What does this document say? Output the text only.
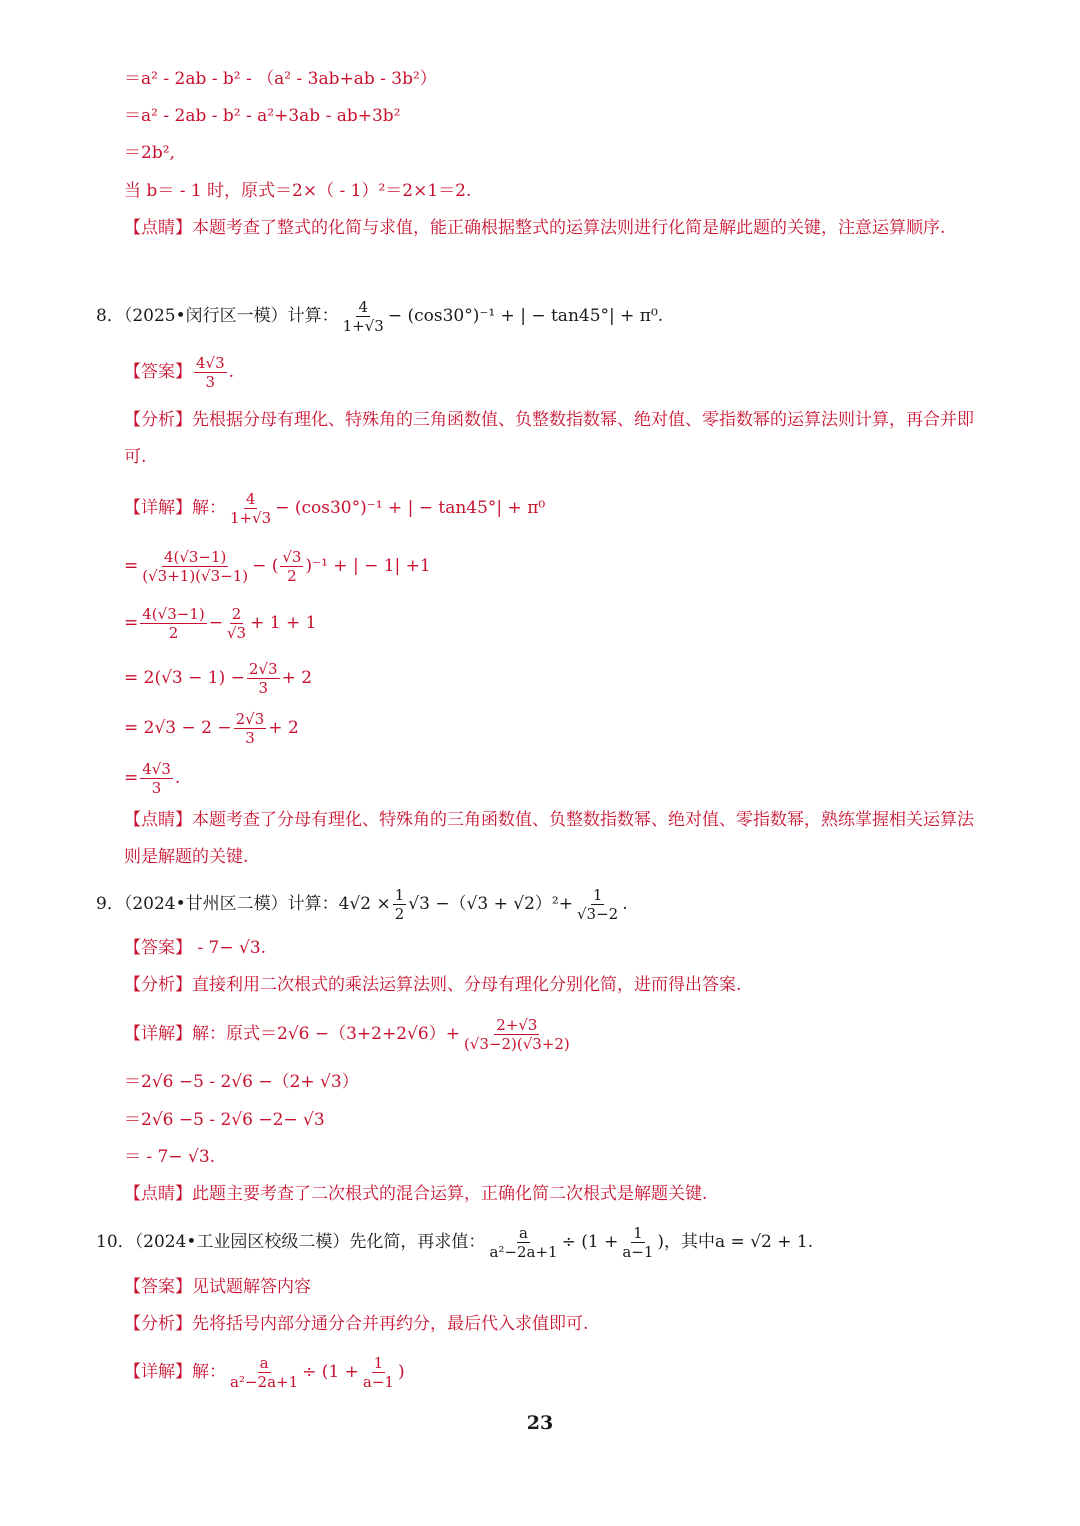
＝a² - 2ab - b² - （a² - 3ab+ab - 3b²）
＝a² - 2ab - b² - a²+3ab - ab+3b²
＝2b²,
当 b＝ - 1 时，原式＝2×（ - 1）²＝2×1＝2.
【点睛】本题考查了整式的化简与求值，能正确根据整式的运算法则进行化简是解此题的关键，注意运算顺序.
8．（2025•闵行区一模）计算： $\frac{4}{1+√3} - (\cos 30^\circ)^{-1}$ + | − tan45°| + π⁰.
【答案】 $\frac{4√3}{3}$ .
【分析】先根据分母有理化、特殊角的三角函数值、负整数指数幂、绝对值、零指数幂的运算法则计算，再合并即可.
【详解】解： $\frac{4}{1+√3} - (\cos 30^\circ)^{-1}$ + | − tan45°| + π⁰
= $\frac{4(√3-1)}{(√3+1)(√3-1)}$ − ( $\frac{√3}{2} )^{-1}$ + | − 1| +1
= $\frac{4(√3-1)}{2} - \frac{2}{√3} + 1 + 1$
= $2(√3 - 1) - \frac{2√3}{3} + 2$
= $2√3 - 2 - \frac{2√3}{3} + 2$
= $\frac{4√3}{3}$ .
【点睛】本题考查了分母有理化、特殊角的三角函数值、负整数指数幂、绝对值、零指数幂，熟练掌握相关运算法则是解题的关键.
9．（2024•甘州区二模）计算：$4√2 \times \frac{1}{2} √3 -(√3 + √2)^2+ \frac{1}{√3-2}$ .
【答案】 - 7− √3.
【分析】直接利用二次根式的乘法运算法则、分母有理化分别化简，进而得出答案.
【详解】解：原式$=2√6 -(3+2+2√6)+ \frac{2+√3}{(√3-2)(√3+2)}$
＝2√6 −5 - 2√6 −（2+ √3）
＝2√6 −5 - 2√6 −2− √3
＝ - 7− √3.
【点睛】此题主要考查了二次根式的混合运算，正确化简二次根式是解题关键.
10．（2024•工业园区校级二模）先化简，再求值： $\frac{a}{\text{a²−2a+1}} \div (1 + \frac{1}{a-1}$ )，其中a = √2 + 1.
【答案】见试题解答内容
【分析】先将括号内部分通分合并再约分，最后代入求值即可.
【详解】解： $\frac{a}{\text{a²−2a+1}} \div (1 + \frac{1}{a-1}$ )
23
